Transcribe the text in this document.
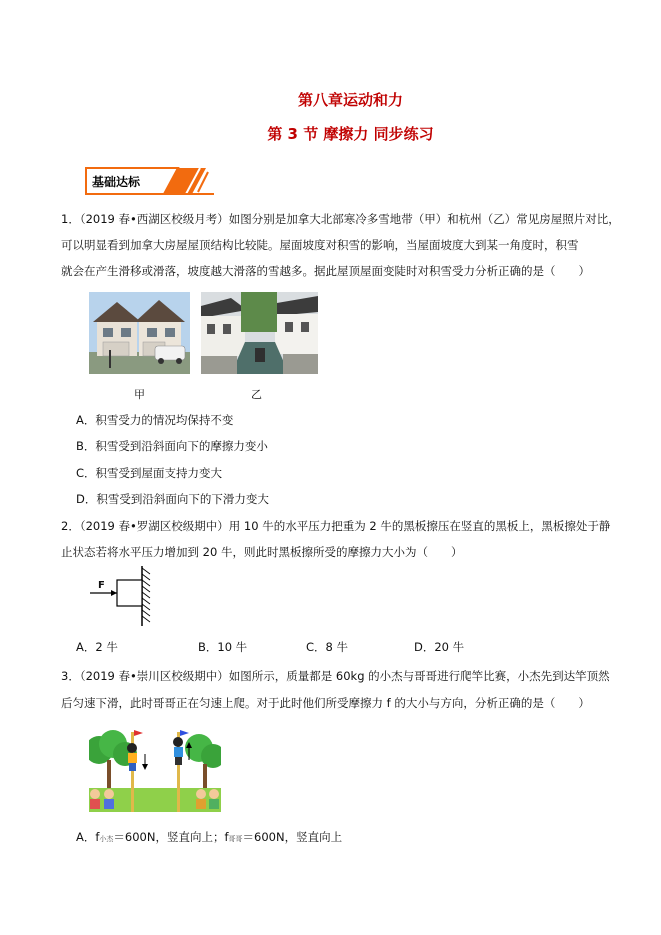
第八章运动和力
第 3 节 摩擦力 同步练习
基础达标
1．（2019 春•西湖区校级月考）如图分别是加拿大北部寒冷多雪地带（甲）和杭州（乙）常见房屋照片对比，
可以明显看到加拿大房屋屋顶结构比较陡。屋面坡度对积雪的影响，当屋面坡度大到某一角度时，积雪
就会在产生滑移或滑落，坡度越大滑落的雪越多。据此屋顶屋面变陡时对积雪受力分析正确的是（　　）
甲	乙
A．积雪受力的情况均保持不变
B．积雪受到沿斜面向下的摩擦力变小
C．积雪受到屋面支持力变大
D．积雪受到沿斜面向下的下滑力变大
2．（2019 春•罗湖区校级期中）用 10 牛的水平压力把重为 2 牛的黑板擦压在竖直的黑板上，黑板擦处于静
止状态若将水平压力增加到 20 牛，则此时黑板擦所受的摩擦力大小为（　　）
F
A．2 牛	B．10 牛	C．8 牛	D．20 牛
3．（2019 春•崇川区校级期中）如图所示，质量都是 60kg 的小杰与哥哥进行爬竿比赛，小杰先到达竿顶然
后匀速下滑，此时哥哥正在匀速上爬。对于此时他们所受摩擦力 f 的大小与方向，分析正确的是（　　）
A．f小杰＝600N，竖直向上；f哥哥＝600N，竖直向上
